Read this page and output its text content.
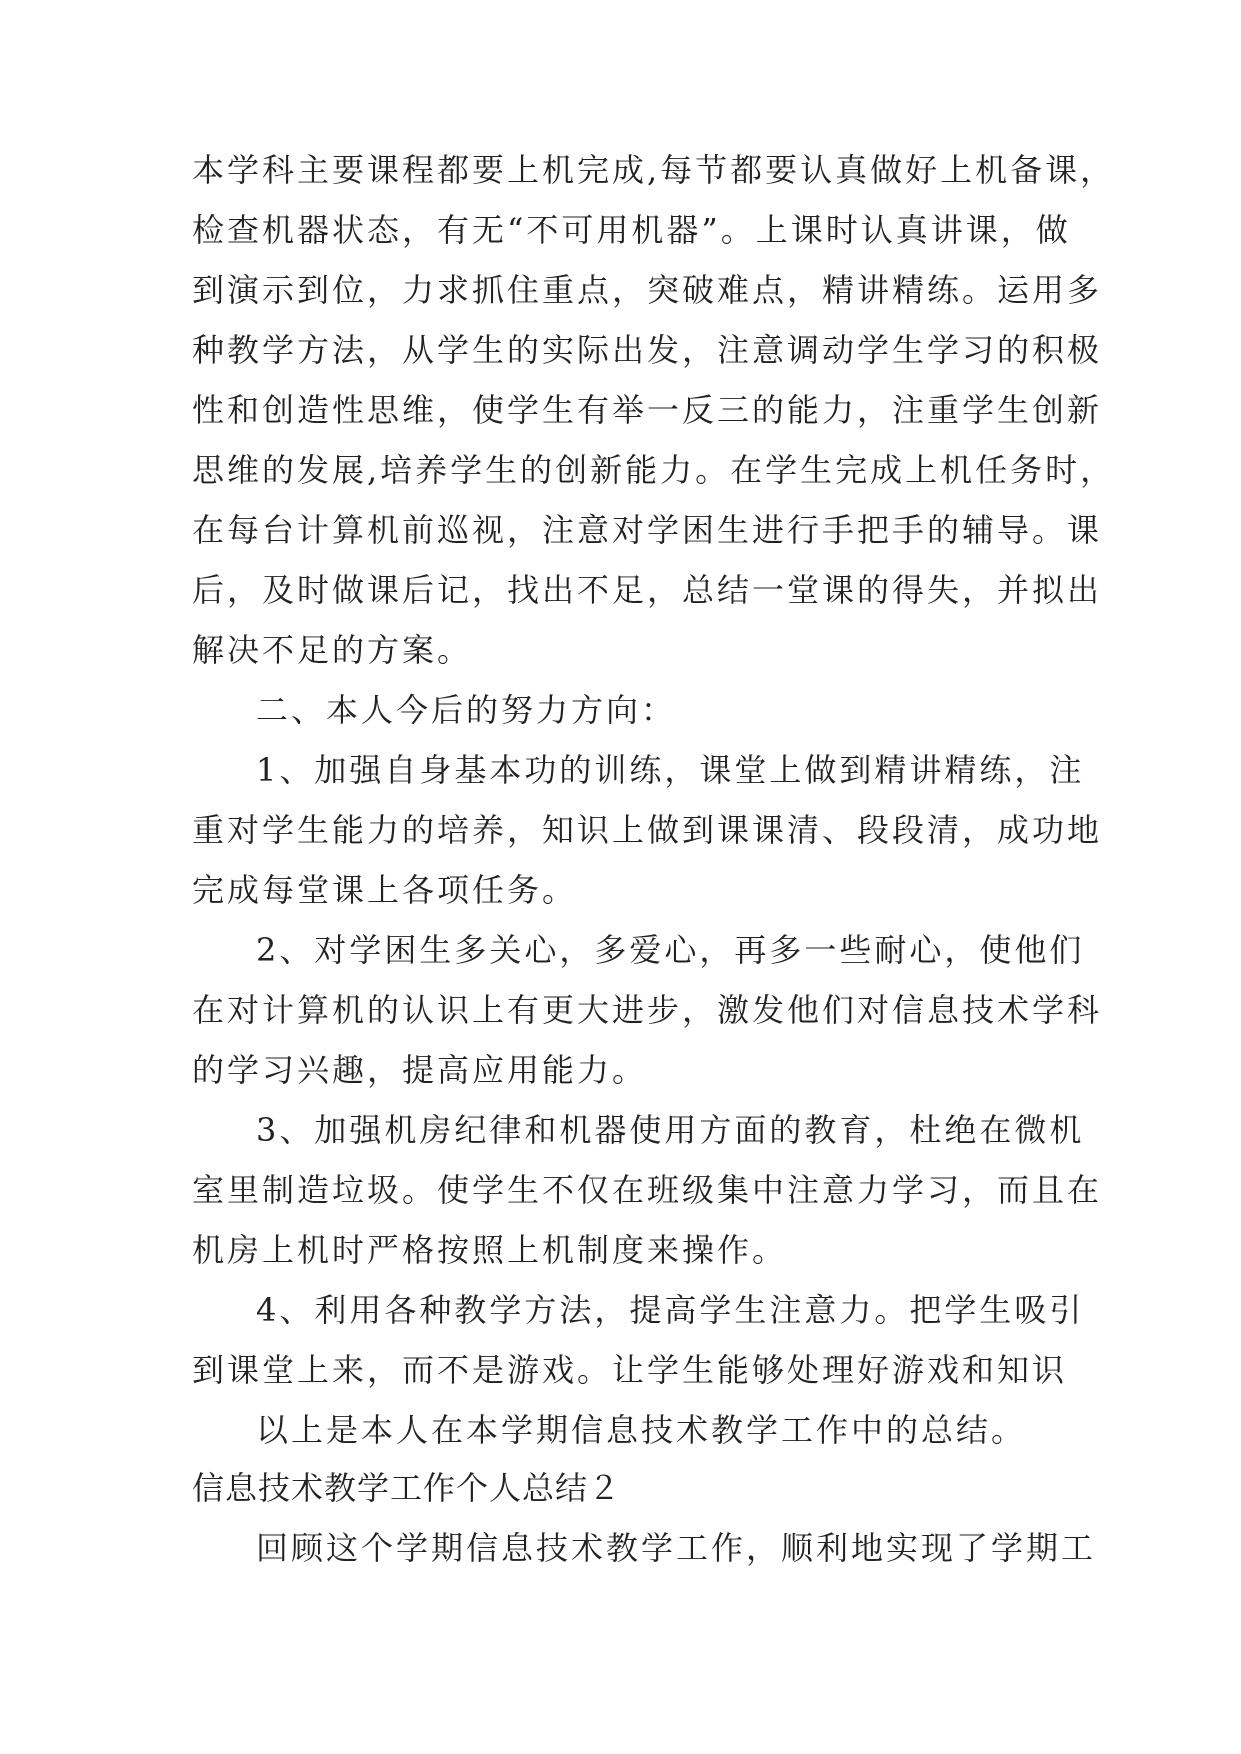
本学科主要课程都要上机完成,每节都要认真做好上机备课，
检查机器状态，有无“不可用机器”。上课时认真讲课，做
到演示到位，力求抓住重点，突破难点，精讲精练。运用多
种教学方法，从学生的实际出发，注意调动学生学习的积极
性和创造性思维，使学生有举一反三的能力，注重学生创新
思维的发展,培养学生的创新能力。在学生完成上机任务时，
在每台计算机前巡视，注意对学困生进行手把手的辅导。课
后，及时做课后记，找出不足，总结一堂课的得失，并拟出
解决不足的方案。
二、本人今后的努力方向：
1、加强自身基本功的训练，课堂上做到精讲精练，注
重对学生能力的培养，知识上做到课课清、段段清，成功地
完成每堂课上各项任务。
2、对学困生多关心，多爱心，再多一些耐心，使他们
在对计算机的认识上有更大进步，激发他们对信息技术学科
的学习兴趣，提高应用能力。
3、加强机房纪律和机器使用方面的教育，杜绝在微机
室里制造垃圾。使学生不仅在班级集中注意力学习，而且在
机房上机时严格按照上机制度来操作。
4、利用各种教学方法，提高学生注意力。把学生吸引
到课堂上来，而不是游戏。让学生能够处理好游戏和知识
以上是本人在本学期信息技术教学工作中的总结。
信息技术教学工作个人总结２
回顾这个学期信息技术教学工作，顺利地实现了学期工
